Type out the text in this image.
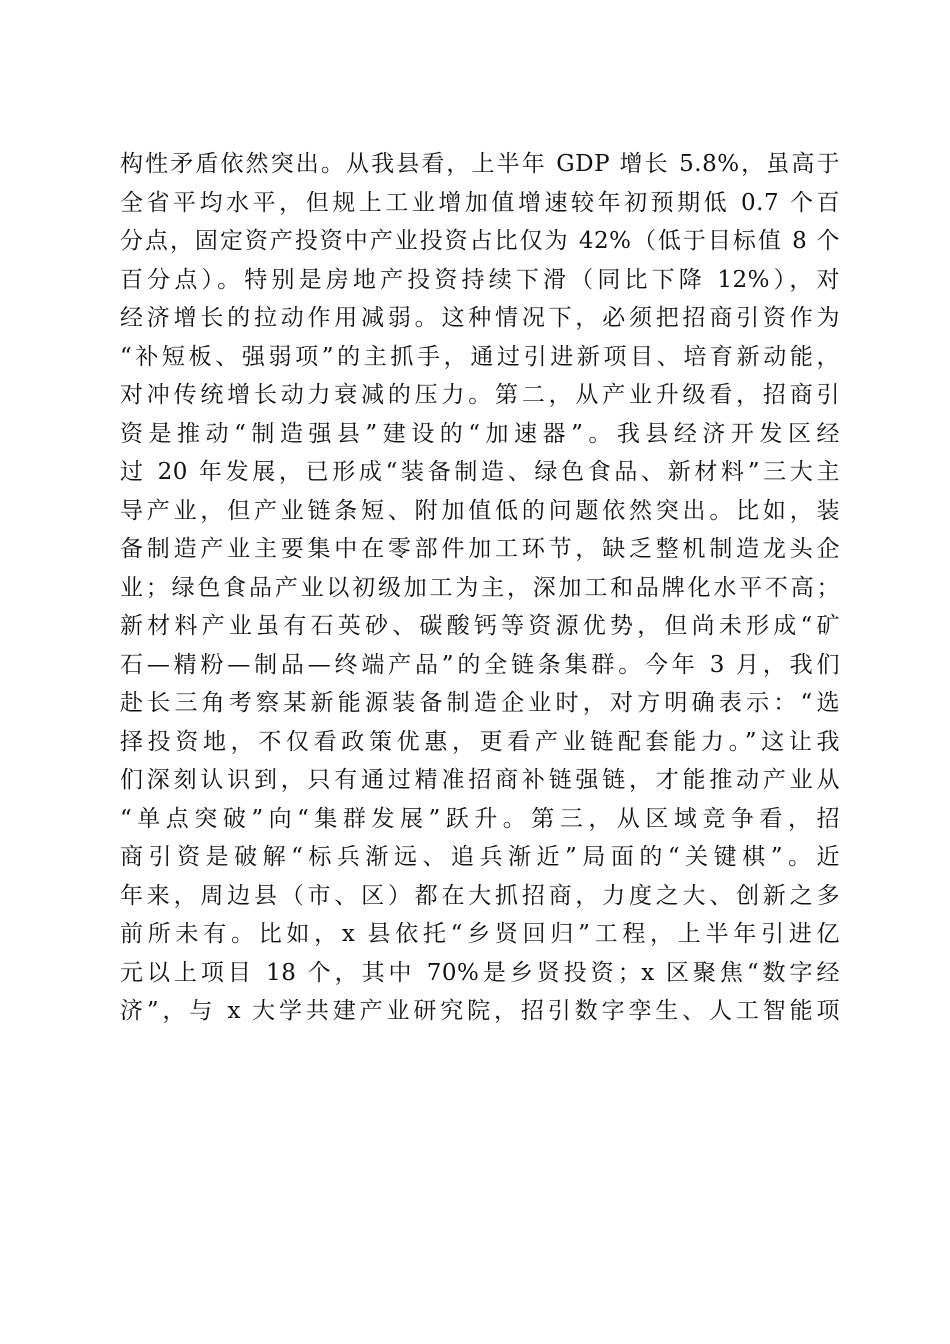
构性矛盾依然突出。从我县看，上半年 GDP 增长 5.8%，虽高于
全省平均水平，但规上工业增加值增速较年初预期低 0.7 个百
分点，固定资产投资中产业投资占比仅为 42%（低于目标值 8 个
百分点）。特别是房地产投资持续下滑（同比下降 12%），对
经济增长的拉动作用减弱。这种情况下，必须把招商引资作为
“补短板、强弱项”的主抓手，通过引进新项目、培育新动能，
对冲传统增长动力衰减的压力。第二，从产业升级看，招商引
资是推动“制造强县”建设的“加速器”。我县经济开发区经
过 20 年发展，已形成“装备制造、绿色食品、新材料”三大主
导产业，但产业链条短、附加值低的问题依然突出。比如，装
备制造产业主要集中在零部件加工环节，缺乏整机制造龙头企
业；绿色食品产业以初级加工为主，深加工和品牌化水平不高；
新材料产业虽有石英砂、碳酸钙等资源优势，但尚未形成“矿
石—精粉—制品—终端产品”的全链条集群。今年 3 月，我们
赴长三角考察某新能源装备制造企业时，对方明确表示：“选
择投资地，不仅看政策优惠，更看产业链配套能力。”这让我
们深刻认识到，只有通过精准招商补链强链，才能推动产业从
“单点突破”向“集群发展”跃升。第三，从区域竞争看，招
商引资是破解“标兵渐远、追兵渐近”局面的“关键棋”。近
年来，周边县（市、区）都在大抓招商，力度之大、创新之多
前所未有。比如，x 县依托“乡贤回归”工程，上半年引进亿
元以上项目 18 个，其中 70%是乡贤投资；x 区聚焦“数字经
济”，与 x 大学共建产业研究院，招引数字孪生、人工智能项
